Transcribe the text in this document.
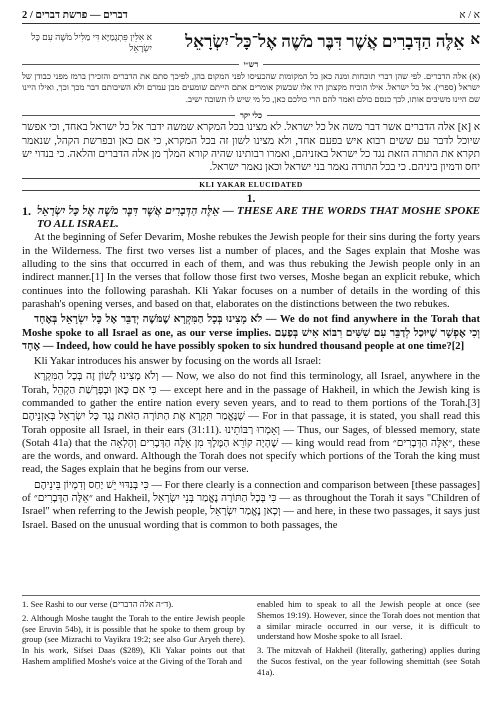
2 / דברים — פרשת דברים	א / א
א אִלֵּין פִּתְגָמַיָּא דִּי מַלִּיל מֹשֶׁה עִם כָּל יִשְׂרָאֵל	א
אֵלֶּה הַדְּבָרִים אֲשֶׁר דִּבֶּר מֹשֶׁה אֶל־כָּל־יִשְׂרָאֵל
רש״י
(א) אלה הדברים. לפי שהן דברי תוכחות ומנה כאן כל המקומות שהכעיסו לפני המקום בהן, לפיכך סתם את הדברים והזכירן ברמז מפני כבודן של ישראל (ספרי). אל כל ישראל. אילו הוכיח מקצתן היו אלו שבשוק אומרים אתם הייתם שומעים מבן עמרם ולא השיבותם דבר מכך וכך, ואילו היינו שם היינו משיבים אותו, לכך כנסם כולם ואמר להם הרי כולכם כאן, כל מי שיש לו תשובה ישיב.
כלי יקר
א [א] אלה הדברים אשר דבר משה אל כל ישראל. לא מצינו בכל המקרא שמשה ידבר אל כל ישראל באחד, וכי אפשר שיוכל לדבר עם ששים רבוא איש בפעם אחד, ולא מצינו לשון זה בכל המקרא, כי אם כאן ובפרשת הקהל, שנאמר תקרא את התורה הזאת נגד כל ישראל באזניהם, ואמרו רבותינו שהיה קורא המלך מן אלה הדברים והלאה. כי בנדוי יש יחס ודמיון ביניהם. כי בכל התורה נאמר בני ישראל וכאן נאמר ישראל.
KLI YAKAR ELUCIDATED
1.
1. אֵלֶּה הַדְּבָרִים אֲשֶׁר דִּבֶּר מֹשֶׁה אֶל כָּל יִשְׂרָאֵל — THESE ARE THE WORDS THAT MOSHE SPOKE TO ALL ISRAEL.

At the beginning of Sefer Devarim, Moshe rebukes the Jewish people for their sins during the forty years in the Wilderness. The first two verses list a number of places, and the Sages explain that Moshe was alluding to the sins that occurred in each of them, and was thus rebuking the Jewish people only in an indirect manner.[1] In the verses that follow those first two verses, Moshe began an explicit rebuke, which continues into the following parashah. Kli Yakar focuses on a number of details in the wording of this parashah's opening verses, and based on that, elaborates on the distinctions between the two rebukes.

לֹא מָצִינוּ בְּכָל הַמִּקְרָא שֶׁמֹּשֶׁה יְדַבֵּר אֶל כָּל יִשְׂרָאֵל בְּאֶחָד — We do not find anywhere in the Torah that Moshe spoke to all Israel as one, as our verse implies. וְכִי אֶפְשָׁר שֶׁיּוּכַל לְדַבֵּר עִם שִׁשִּׁים רִבּוֹא אִישׁ בְּפַעַם אֶחָד — Indeed, how could he have possibly spoken to six hundred thousand people at one time?[2]

Kli Yakar introduces his answer by focusing on the words all Israel:

וְלֹא מָצִינוּ לָשׁוֹן זֶה בְּכָל הַמִּקְרָא — Now, we also do not find this terminology, all Israel, anywhere in the Torah, כִּי אִם כָּאן וּבְפָרָשַׁת הַקְהֵל — except here and in the passage of Hakheil, in which the Jewish king is commanded to gather the entire nation every seven years, and to read to them portions of the Torah.[3] שֶׁנֶּאֱמַר תִּקְרָא אֶת הַתּוֹרָה הַזֹּאת נֶגֶד כָּל יִשְׂרָאֵל בְּאָזְנֵיהֶם — For in that passage, it is stated, you shall read this Torah opposite all Israel, in their ears (31:11). וְאָמְרוּ רַבּוֹתֵינוּ — Thus, our Sages, of blessed memory, state (Sotah 41a) that the שֶׁהָיָה קוֹרֵא הַמֶּלֶךְ מִן אֵלֶּה הַדְּבָרִים וְהָלְאָה — king would read from ״אֵלֶּה הַדְּבָרִים״, these are the words, and onward. Although the Torah does not specify which portions of the Torah the king must read, the Sages explain that he begins from our verse.

כִּי בְּנִדּוּי יֵשׁ יַחַס וְדִמְיוֹן בֵּינֵיהֶם — For there clearly is a connection and comparison between [these passages] of ״אֵלֶּה הַדְּבָרִים״ and Hakheil, כִּי בְּכָל הַתּוֹרָה נֶאֱמַר בְּנֵי יִשְׂרָאֵל — as throughout the Torah it says "Children of Israel" when referring to the Jewish people, וְכָאן נֶאֱמַר יִשְׂרָאֵל — and here, in these two passages, it says just Israel. Based on the unusual wording that is common to both passages, the

1. See Rashi to our verse (ד״ה אלה הדברים).

2. Although Moshe taught the Torah to the entire Jewish people (see Eruvin 54b), it is possible that he spoke to them group by group (see Mizrachi to Vayikra 19:2; see also Gur Aryeh there). In his work, Sifsei Daas ($289), Kli Yakar points out that Hashem amplified Moshe's voice at the Giving of the Torah and

enabled him to speak to all the Jewish people at once (see Shemos 19:19). However, since the Torah does not mention that a similar miracle occurred in our verse, it is difficult to understand how Moshe spoke to all Israel.

3. The mitzvah of Hakheil (literally, gathering) applies during the Sucos festival, on the year following shemittah (see Sotah 41a).
